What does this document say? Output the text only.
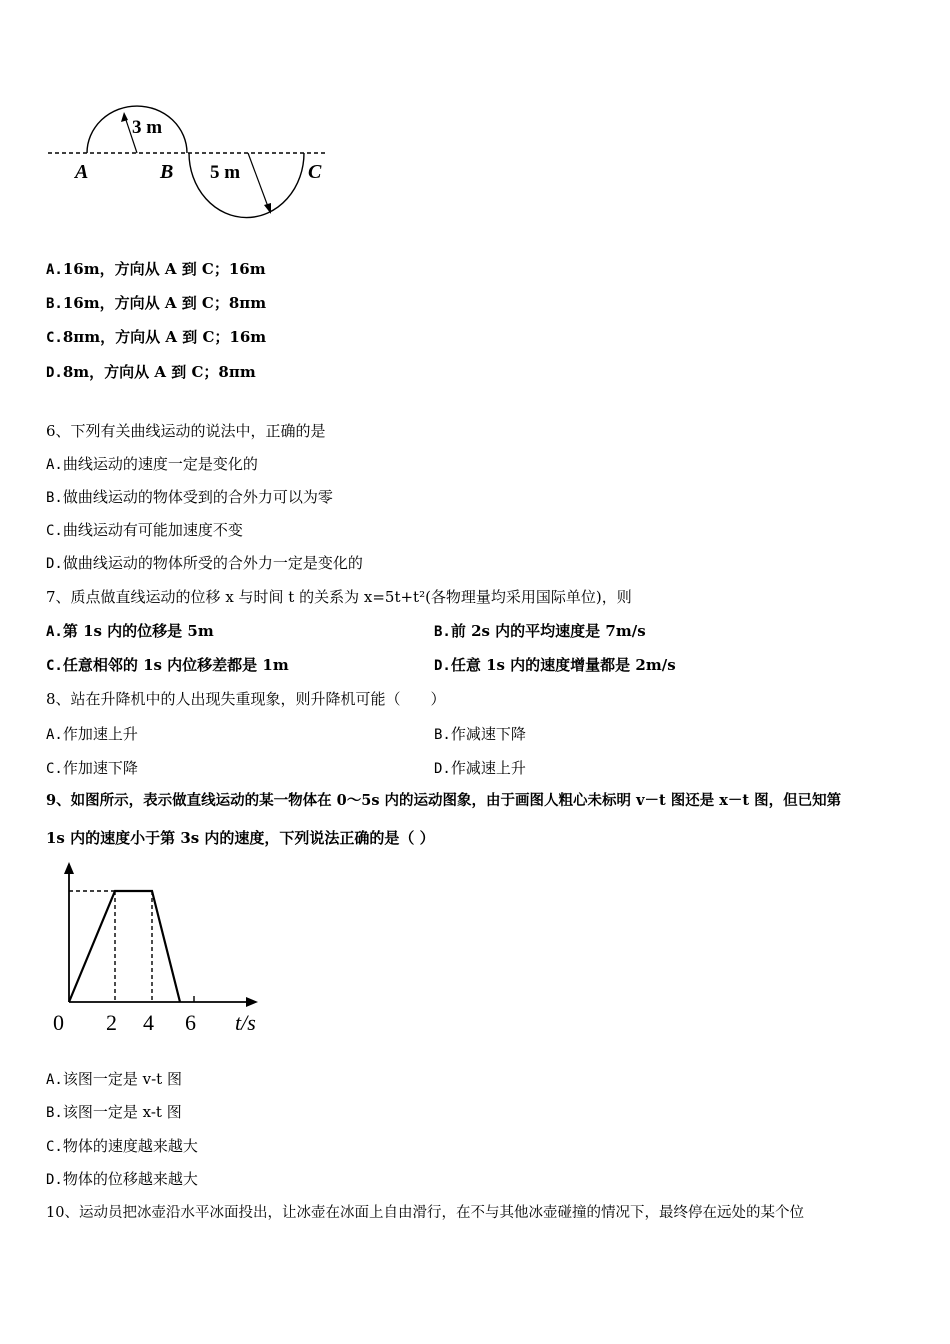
3 m
5 m
A	B	C
A.16m，方向从 A 到 C；16m
B.16m，方向从 A 到 C；8πm
C.8πm，方向从 A 到 C；16m
D.8m，方向从 A 到 C；8πm
6、下列有关曲线运动的说法中，正确的是
A.曲线运动的速度一定是变化的
B.做曲线运动的物体受到的合外力可以为零
C.曲线运动有可能加速度不变
D.做曲线运动的物体所受的合外力一定是变化的
7、质点做直线运动的位移 x 与时间 t 的关系为 x=5t+t²(各物理量均采用国际单位)，则
A.第 1s 内的位移是 5m	B.前 2s 内的平均速度是 7m/s
C.任意相邻的 1s 内位移差都是 1m	D.任意 1s 内的速度增量都是 2m/s
8、站在升降机中的人出现失重现象，则升降机可能（　　）
A.作加速上升	B.作减速下降
C.作加速下降	D.作减速上升
9、如图所示，表示做直线运动的某一物体在 0～5s 内的运动图象，由于画图人粗心未标明 v－t 图还是 x－t 图，但已知第
1s 内的速度小于第 3s 内的速度，下列说法正确的是（ ）
0 2 4 6 t/s
A.该图一定是 v-t 图
B.该图一定是 x-t 图
C.物体的速度越来越大
D.物体的位移越来越大
10、运动员把冰壶沿水平冰面投出，让冰壶在冰面上自由滑行，在不与其他冰壶碰撞的情况下，最终停在远处的某个位
